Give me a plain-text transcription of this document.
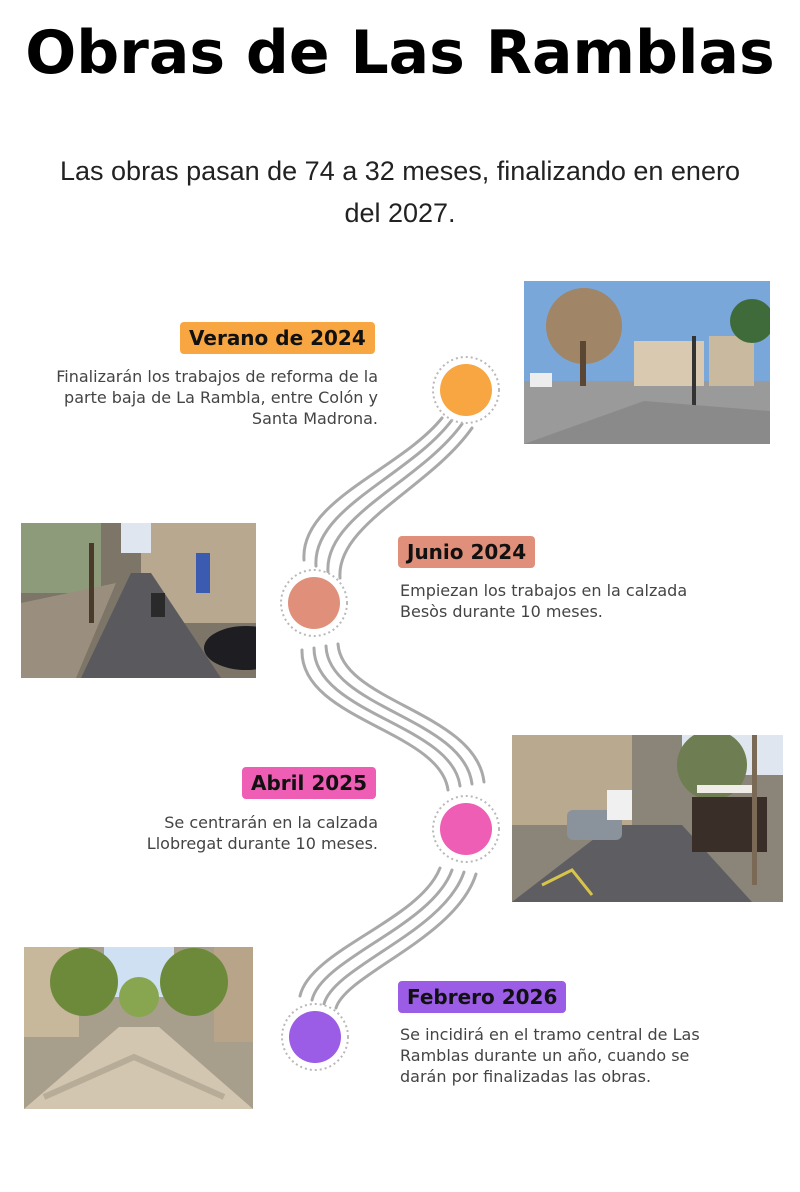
Obras de Las Ramblas

Las obras pasan de 74 a 32 meses, finalizando en enero del 2027.

Verano de 2024
Finalizarán los trabajos de reforma de la parte baja de La Rambla, entre Colón y Santa Madrona.
Junio 2024
Empiezan los trabajos en la calzada Besòs durante 10 meses.
Abril 2025
Se centrarán en la calzada Llobregat durante 10 meses.
Febrero 2026
Se incidirá en el tramo central de Las Ramblas durante un año, cuando se darán por finalizadas las obras.
